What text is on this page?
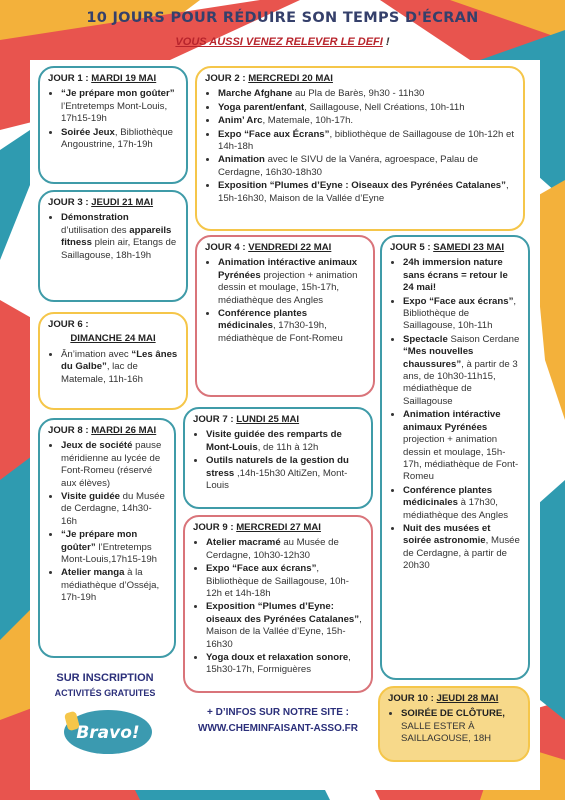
10 JOURS POUR RÉDUIRE SON TEMPS D'ÉCRAN
VOUS AUSSI VENEZ RELEVER LE DEFI !
JOUR 1 : MARDI 19 MAI
• “Je prépare mon goûter” l’Entretemps Mont-Louis, 17h15-19h
• Soirée Jeux, Bibliothèque Angoustrine, 17h-19h
JOUR 2 : MERCREDI 20 MAI
• Marche Afghane au Pla de Barès, 9h30 - 11h30
• Yoga parent/enfant, Saillagouse, Nell Créations, 10h-11h
• Anim’ Arc, Matemale, 10h-17h.
• Expo “Face aux Écrans”, bibliothèque de Saillagouse de 10h-12h et 14h-18h
• Animation avec le SIVU de la Vanéra, agroespace, Palau de Cerdagne, 16h30-18h30
• Exposition “Plumes d’Eyne : Oiseaux des Pyrénées Catalanes”, 15h-16h30, Maison de la Vallée d’Eyne
JOUR 3 : JEUDI 21 MAI
• Démonstration d’utilisation des appareils fitness plein air, Etangs de Saillagouse, 18h-19h
JOUR 4 : VENDREDI 22 MAI
• Animation intéractive animaux Pyrénées projection + animation dessin et moulage, 15h-17h, médiathèque des Angles
• Conférence plantes médicinales, 17h30-19h, médiathèque de Font-Romeu
JOUR 5 : SAMEDI 23 MAI
• 24h immersion nature sans écrans = retour le 24 mai!
• Expo “Face aux écrans”, Bibliothèque de Saillagouse, 10h-11h
• Spectacle Saison Cerdane “Mes nouvelles chaussures”, à partir de 3 ans, de 10h30-11h15, médiathèque de Saillagouse
• Animation intéractive animaux Pyrénées projection + animation dessin et moulage, 15h-17h, médiathèque de Font-Romeu
• Conférence plantes médicinales à 17h30, médiathèque des Angles
• Nuit des musées et soirée astronomie, Musée de Cerdagne, à partir de 20h30
JOUR 6 :
DIMANCHE 24 MAI
• Ân’imation avec “Les ânes du Galbe”, lac de Matemale, 11h-16h
JOUR 7 : LUNDI 25 MAI
• Visite guidée des remparts de Mont-Louis, de 11h à 12h
• Outils naturels de la gestion du stress ,14h-15h30 AltiZen, Mont-Louis
JOUR 8 : MARDI 26 MAI
• Jeux de société pause méridienne au lycée de Font-Romeu (réservé aux élèves)
• Visite guidée du Musée de Cerdagne, 14h30-16h
• “Je prépare mon goûter” l’Entretemps Mont-Louis,17h15-19h
• Atelier manga à la médiathèque d’Osséja, 17h-19h
JOUR 9 : MERCREDI 27 MAI
• Atelier macramé au Musée de Cerdagne, 10h30-12h30
• Expo “Face aux écrans”, Bibliothèque de Saillagouse, 10h-12h et 14h-18h
• Exposition “Plumes d’Eyne: oiseaux des Pyrénées Catalanes”, Maison de la Vallée d’Eyne, 15h-16h30
• Yoga doux et relaxation sonore, 15h30-17h, Formiguères
JOUR 10 : JEUDI 28 MAI
• SOIRÉE DE CLÔTURE, SALLE ESTER À SAILLAGOUSE, 18H
SUR INSCRIPTION
ACTIVITÉS GRATUITES
Bravo!
+ D’INFOS SUR NOTRE SITE :
WWW.CHEMINFAISANT-ASSO.FR
